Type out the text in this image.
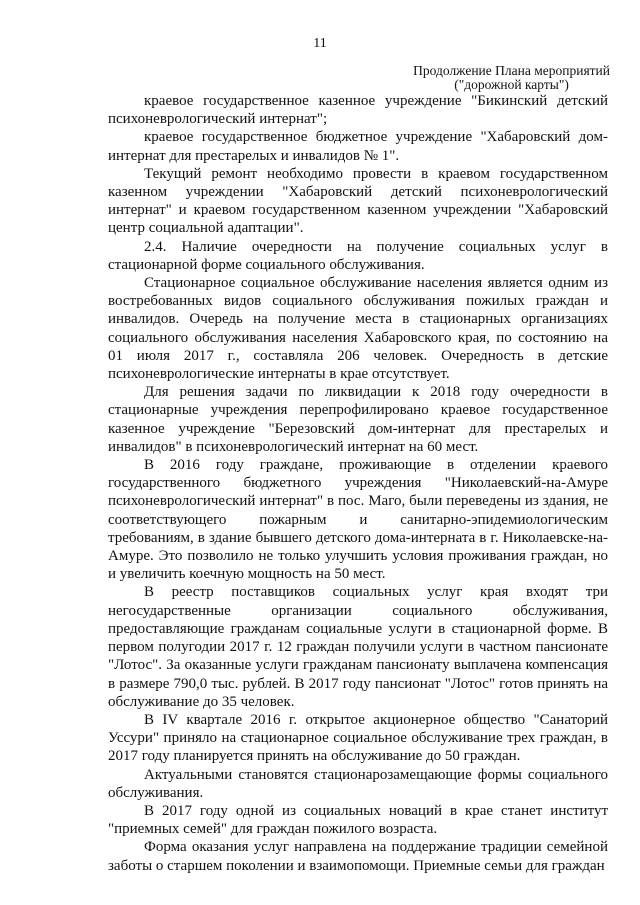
11
Продолжение Плана мероприятий
("дорожной карты")

краевое государственное казенное учреждение "Бикинский детский психоневрологический интернат";

краевое государственное бюджетное учреждение "Хабаровский дом-интернат для престарелых и инвалидов № 1".

Текущий ремонт необходимо провести в краевом государственном казенном учреждении "Хабаровский детский психоневрологический интернат" и краевом государственном казенном учреждении "Хабаровский центр социальной адаптации".

2.4. Наличие очередности на получение социальных услуг в стационарной форме социального обслуживания.

Стационарное социальное обслуживание населения является одним из востребованных видов социального обслуживания пожилых граждан и инвалидов. Очередь на получение места в стационарных организациях социального обслуживания населения Хабаровского края, по состоянию на 01 июля 2017 г., составляла 206 человек. Очередность в детские психоневрологические интернаты в крае отсутствует.

Для решения задачи по ликвидации к 2018 году очередности в стационарные учреждения перепрофилировано краевое государственное казенное учреждение "Березовский дом-интернат для престарелых и инвалидов" в психоневрологический интернат на 60 мест.

В 2016 году граждане, проживающие в отделении краевого государственного бюджетного учреждения "Николаевский-на-Амуре психоневрологический интернат" в пос. Маго, были переведены из здания, не соответствующего пожарным и санитарно-эпидемиологическим требованиям, в здание бывшего детского дома-интерната в г. Николаевске-на-Амуре. Это позволило не только улучшить условия проживания граждан, но и увеличить коечную мощность на 50 мест.

В реестр поставщиков социальных услуг края входят три негосударственные организации социального обслуживания, предоставляющие гражданам социальные услуги в стационарной форме. В первом полугодии 2017 г. 12 граждан получили услуги в частном пансионате "Лотос". За оказанные услуги гражданам пансионату выплачена компенсация в размере 790,0 тыс. рублей. В 2017 году пансионат "Лотос" готов принять на обслуживание до 35 человек.

В IV квартале 2016 г. открытое акционерное общество "Санаторий Уссури" приняло на стационарное социальное обслуживание трех граждан, в 2017 году планируется принять на обслуживание до 50 граждан.

Актуальными становятся стационарозамещающие формы социального обслуживания.

В 2017 году одной из социальных новаций в крае станет институт "приемных семей" для граждан пожилого возраста.

Форма оказания услуг направлена на поддержание традиции семейной заботы о старшем поколении и взаимопомощи. Приемные семьи для граждан
